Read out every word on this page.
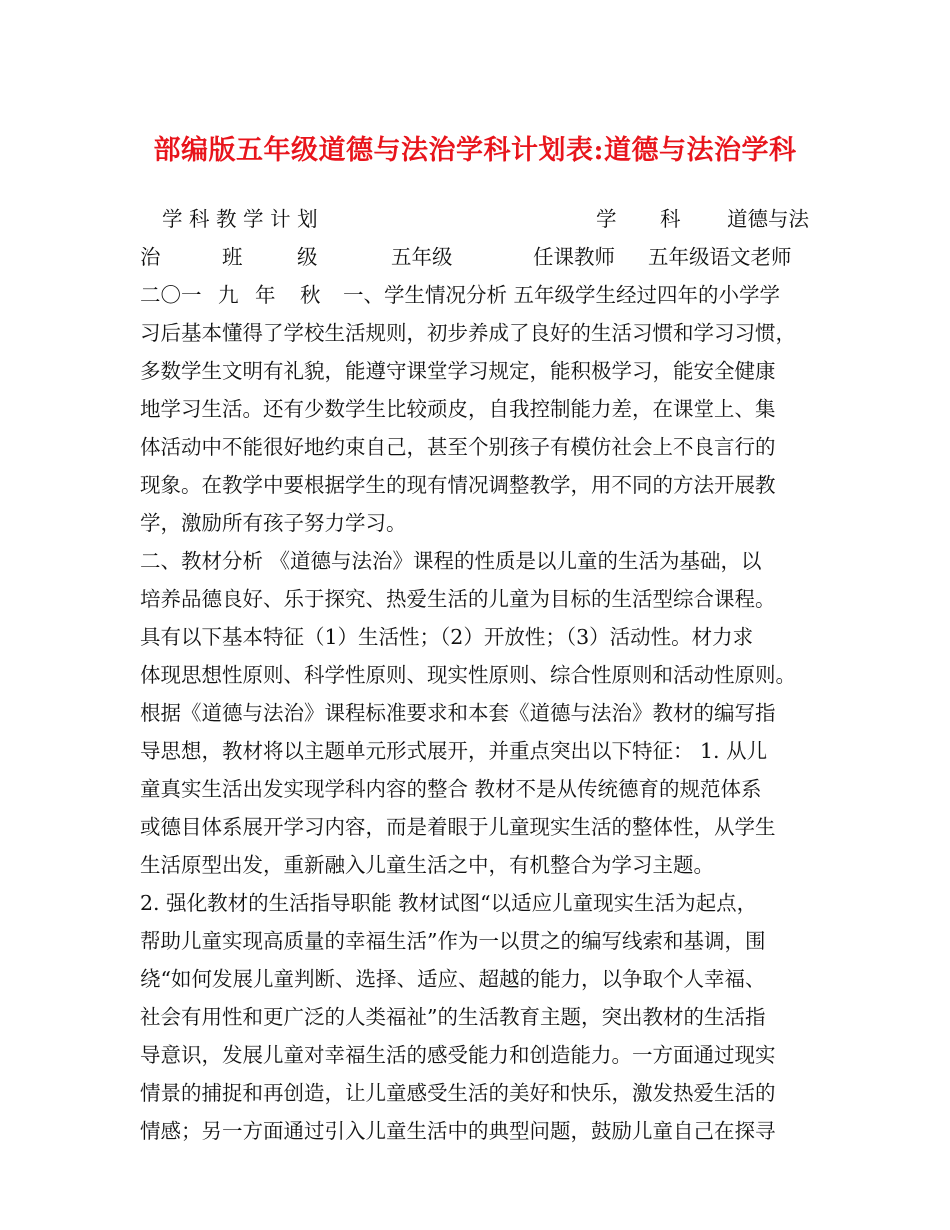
部编版五年级道德与法治学科计划表:道德与法治学科
学 科 教 学 计 划	学 科 道德与法
治	班	级	五年级	任课教师 五年级语文老师
二〇一 九 年 秋 一、学生情况分析 五年级学生经过四年的小学学
习后基本懂得了学校生活规则，初步养成了良好的生活习惯和学习习惯，
多数学生文明有礼貌，能遵守课堂学习规定，能积极学习，能安全健康
地学习生活。还有少数学生比较顽皮，自我控制能力差，在课堂上、集
体活动中不能很好地约束自己，甚至个别孩子有模仿社会上不良言行的
现象。在教学中要根据学生的现有情况调整教学，用不同的方法开展教
学，激励所有孩子努力学习。
二、教材分析 《道德与法治》课程的性质是以儿童的生活为基础，以
培养品德良好、乐于探究、热爱生活的儿童为目标的生活型综合课程。
具有以下基本特征（1）生活性；（2）开放性；（3）活动性。材力求
体现思想性原则、科学性原则、现实性原则、综合性原则和活动性原则。
根据《道德与法治》课程标准要求和本套《道德与法治》教材的编写指
导思想，教材将以主题单元形式展开，并重点突出以下特征： 1. 从儿
童真实生活出发实现学科内容的整合 教材不是从传统德育的规范体系
或德目体系展开学习内容，而是着眼于儿童现实生活的整体性，从学生
生活原型出发，重新融入儿童生活之中，有机整合为学习主题。
2. 强化教材的生活指导职能 教材试图“以适应儿童现实生活为起点，
帮助儿童实现高质量的幸福生活”作为一以贯之的编写线索和基调，围
绕“如何发展儿童判断、选择、适应、超越的能力，以争取个人幸福、
社会有用性和更广泛的人类福祉”的生活教育主题，突出教材的生活指
导意识，发展儿童对幸福生活的感受能力和创造能力。一方面通过现实
情景的捕捉和再创造，让儿童感受生活的美好和快乐，激发热爱生活的
情感；另一方面通过引入儿童生活中的典型问题，鼓励儿童自己在探寻
